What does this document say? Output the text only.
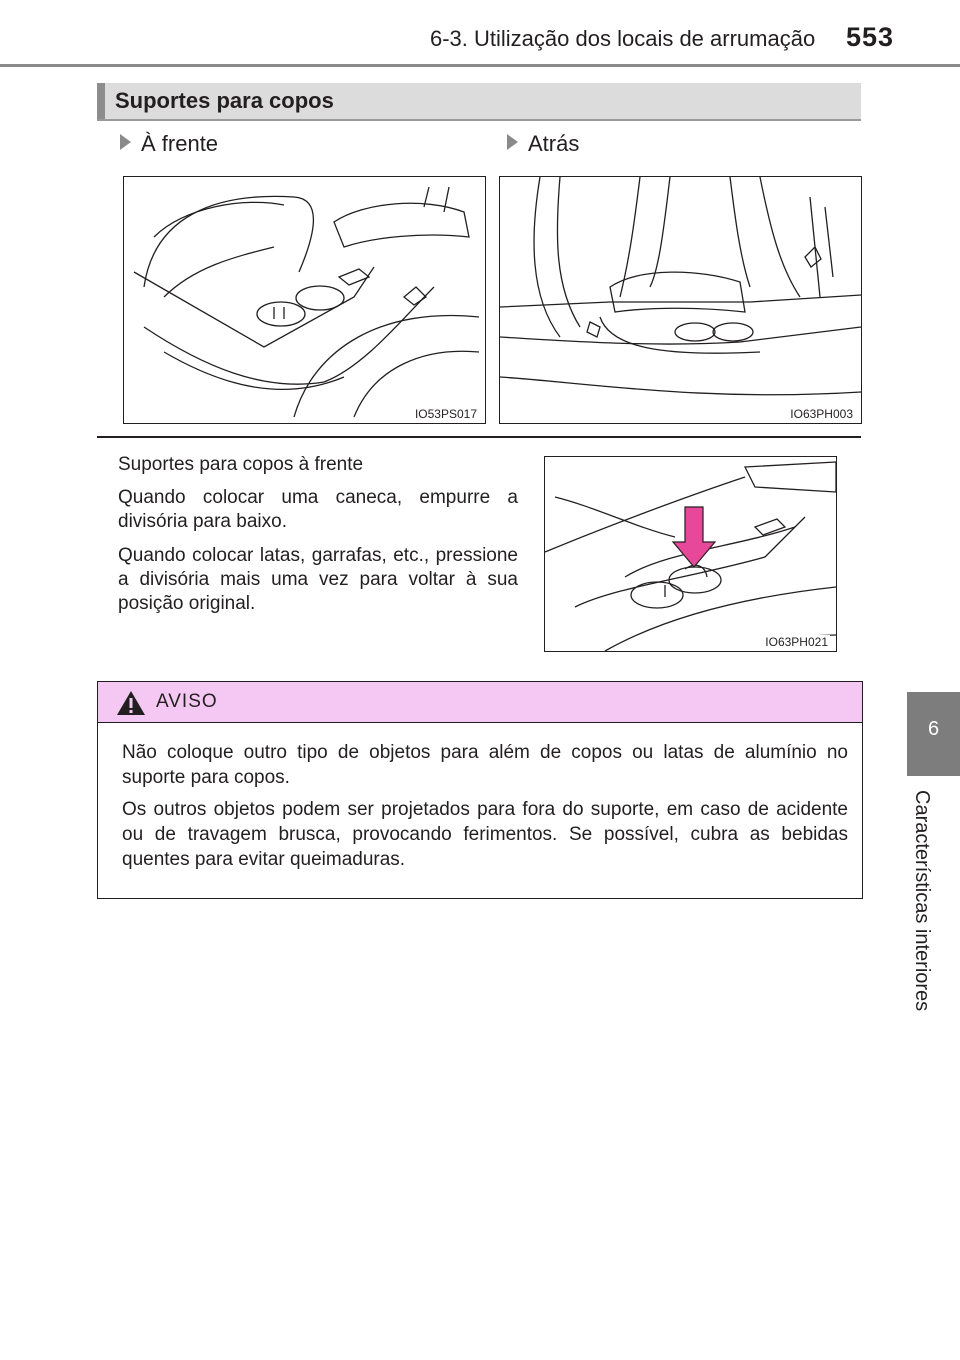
6-3. Utilização dos locais de arrumação 553
6
Características interiores
Suportes para copos
À frente	Atrás
IO53PS017	IO63PH003
Suportes para copos à frente
Quando colocar uma caneca, empurre a divisória para baixo.
Quando colocar latas, garrafas, etc., pressione a divisória mais uma vez para voltar à sua posição original.
IO63PH021
AVISO
Não coloque outro tipo de objetos para além de copos ou latas de alumínio no suporte para copos.
Os outros objetos podem ser projetados para fora do suporte, em caso de acidente ou de travagem brusca, provocando ferimentos. Se possível, cubra as bebidas quentes para evitar queimaduras.
